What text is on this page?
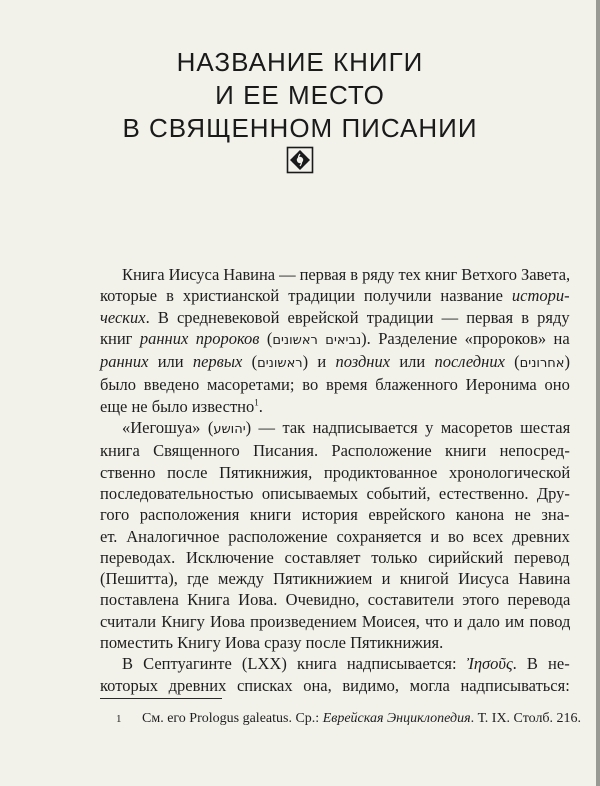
НАЗВАНИЕ КНИГИ
И ЕЕ МЕСТО
В СВЯЩЕННОМ ПИСАНИИ
Книга Иисуса Навина — первая в ряду тех книг Ветхого Завета,
которые в христианской традиции получили название истори-
ческих. В средневековой еврейской традиции — первая в ряду
книг ранних пророков (נביאים ראשונים). Разделение «пророков» на
ранних или первых (ראשונים) и поздних или последних (אחרונים)
было введено масоретами; во время блаженного Иеронима оно
еще не было известно$^1$.
«Иегошуа» (יהושע) — так надписывается у масоретов шестая
книга Священного Писания. Расположение книги непосред-
ственно после Пятикнижия, продиктованное хронологической
последовательностью описываемых событий, естественно. Дру-
гого расположения книги история еврейского канона не зна-
ет. Аналогичное расположение сохраняется и во всех древних
переводах. Исключение составляет только сирийский перевод
(Пешитта), где между Пятикнижием и книгой Иисуса Навина
поставлена Книга Иова. Очевидно, составители этого перевода
считали Книгу Иова произведением Моисея, что и дало им повод
поместить Книгу Иова сразу после Пятикнижия.
В Септуагинте (LXX) книга надписывается: Ἰησοῦς. В не-
которых древних списках она, видимо, могла надписываться:
1 См. его Prologus galeatus. Ср.: Еврейская Энциклопедия. Т. IX. Столб. 216.
